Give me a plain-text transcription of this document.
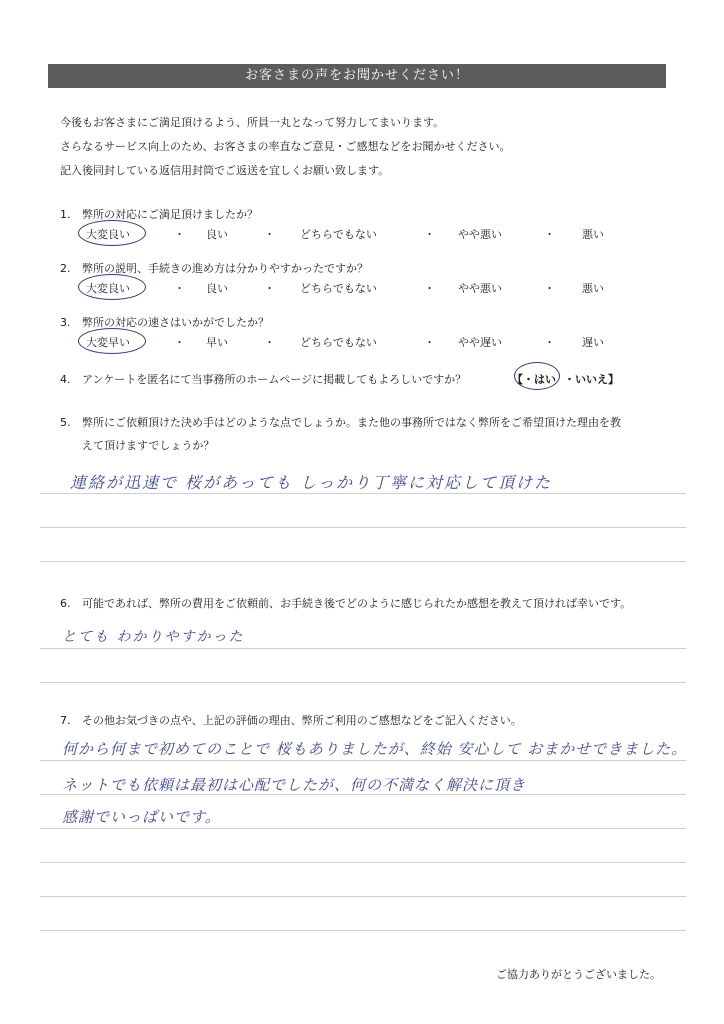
お客さまの声をお聞かせください！
今後もお客さまにご満足頂けるよう、所員一丸となって努力してまいります。
さらなるサービス向上のため、お客さまの率直なご意見・ご感想などをお聞かせください。
記入後同封している返信用封筒でご返送を宜しくお願い致します。
1. 弊所の対応にご満足頂けましたか？
大変良い	・ 良い	・ どちらでもない	・ やや悪い	・ 悪い
2. 弊所の説明、手続きの進め方は分かりやすかったですか？
大変良い	・ 良い	・ どちらでもない	・ やや悪い	・ 悪い
3. 弊所の対応の速さはいかがでしたか？
大変早い	・ 早い	・ どちらでもない	・ やや遅い	・ 遅い
4. アンケートを匿名にて当事務所のホームページに掲載してもよろしいですか？	【・はい ・いいえ】
5. 弊所にご依頼頂けた決め手はどのような点でしょうか。また他の事務所ではなく弊所をご希望頂けた理由を教
えて頂けますでしょうか？
連絡が迅速で 桜があっても しっかり丁寧に対応して頂けた
6. 可能であれば、弊所の費用をご依頼前、お手続き後でどのように感じられたか感想を教えて頂ければ幸いです。
とても わかりやすかった
7. その他お気づきの点や、上記の評価の理由、弊所ご利用のご感想などをご記入ください。
何から何まで初めてのことで 桜もありましたが、終始 安心して おまかせできました。
ネットでも依頼は最初は心配でしたが、何の不満なく解決に頂き
感謝でいっぱいです。
ご協力ありがとうございました。
